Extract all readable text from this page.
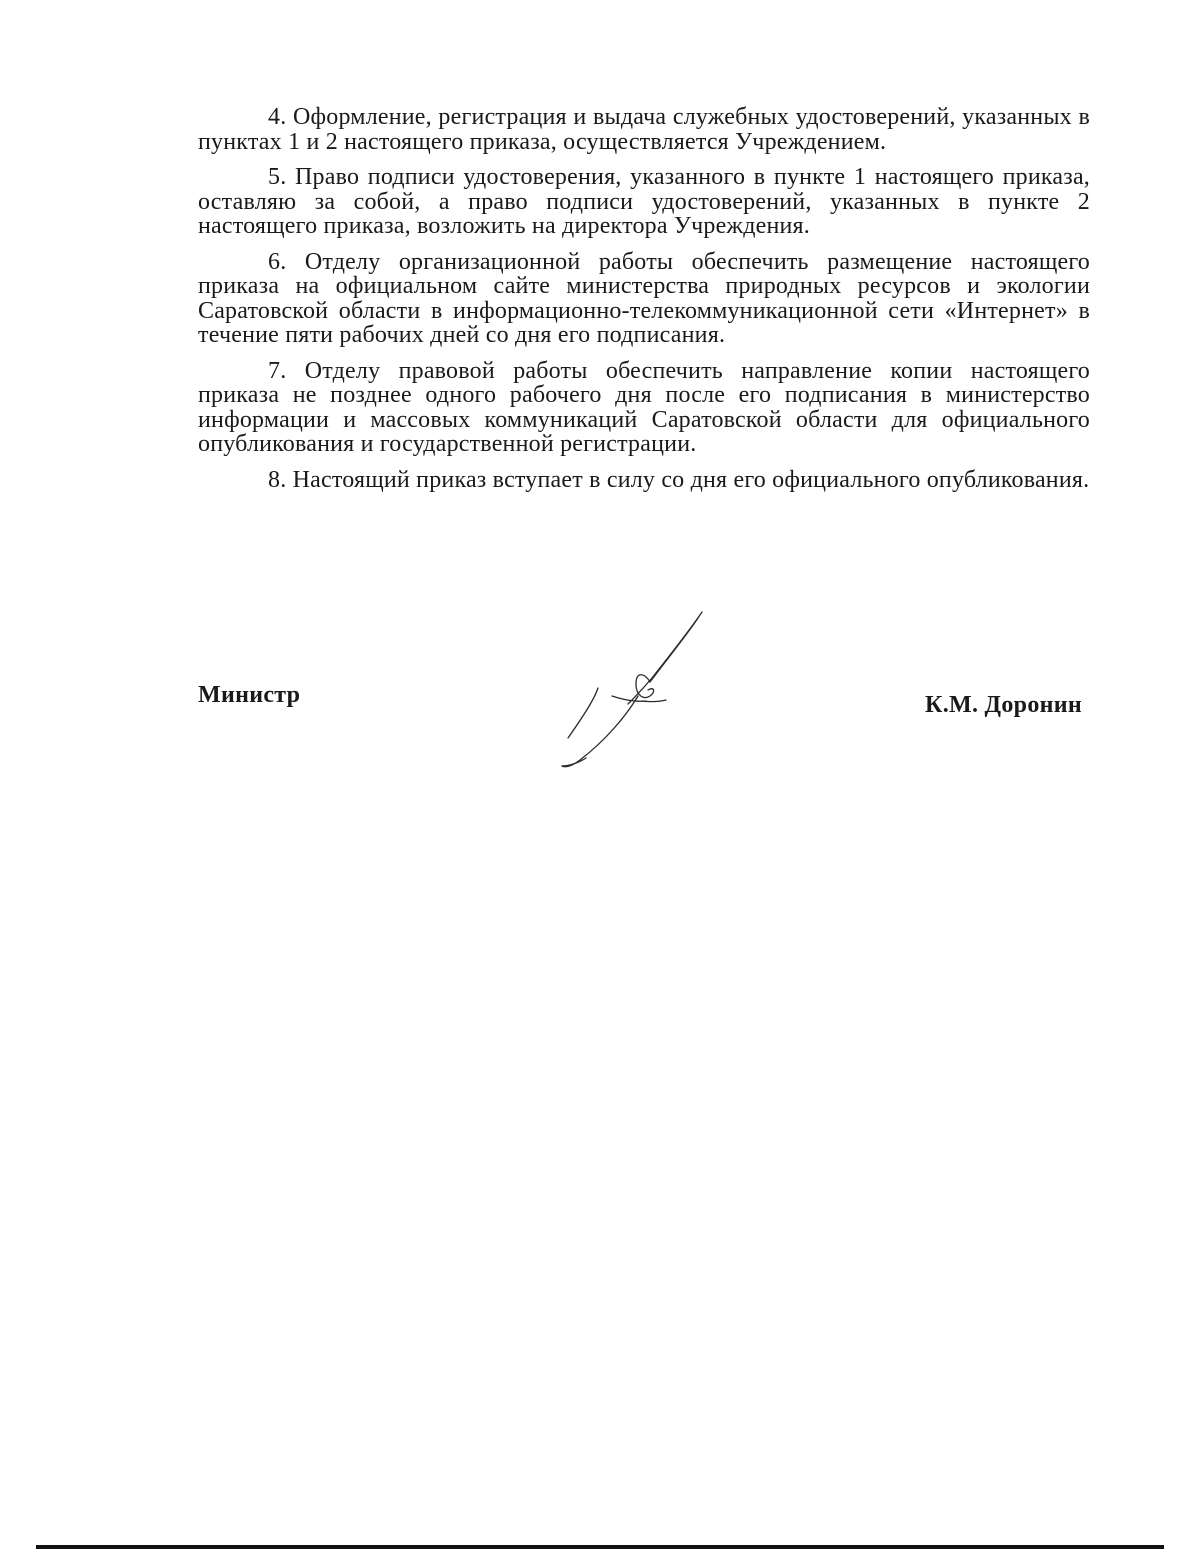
4. Оформление, регистрация и выдача служебных удостоверений, указанных в пунктах 1 и 2 настоящего приказа, осуществляется Учреждением.

5. Право подписи удостоверения, указанного в пункте 1 настоящего приказа, оставляю за собой, а право подписи удостоверений, указанных в пункте 2 настоящего приказа, возложить на директора Учреждения.

6. Отделу организационной работы обеспечить размещение настоящего приказа на официальном сайте министерства природных ресурсов и экологии Саратовской области в информационно-телекоммуникационной сети «Интернет» в течение пяти рабочих дней со дня его подписания.

7. Отделу правовой работы обеспечить направление копии настоящего приказа не позднее одного рабочего дня после его подписания в министерство информации и массовых коммуникаций Саратовской области для официального опубликования и государственной регистрации.

8. Настоящий приказ вступает в силу со дня его официального опубликования.

Министр	К.М. Доронин
